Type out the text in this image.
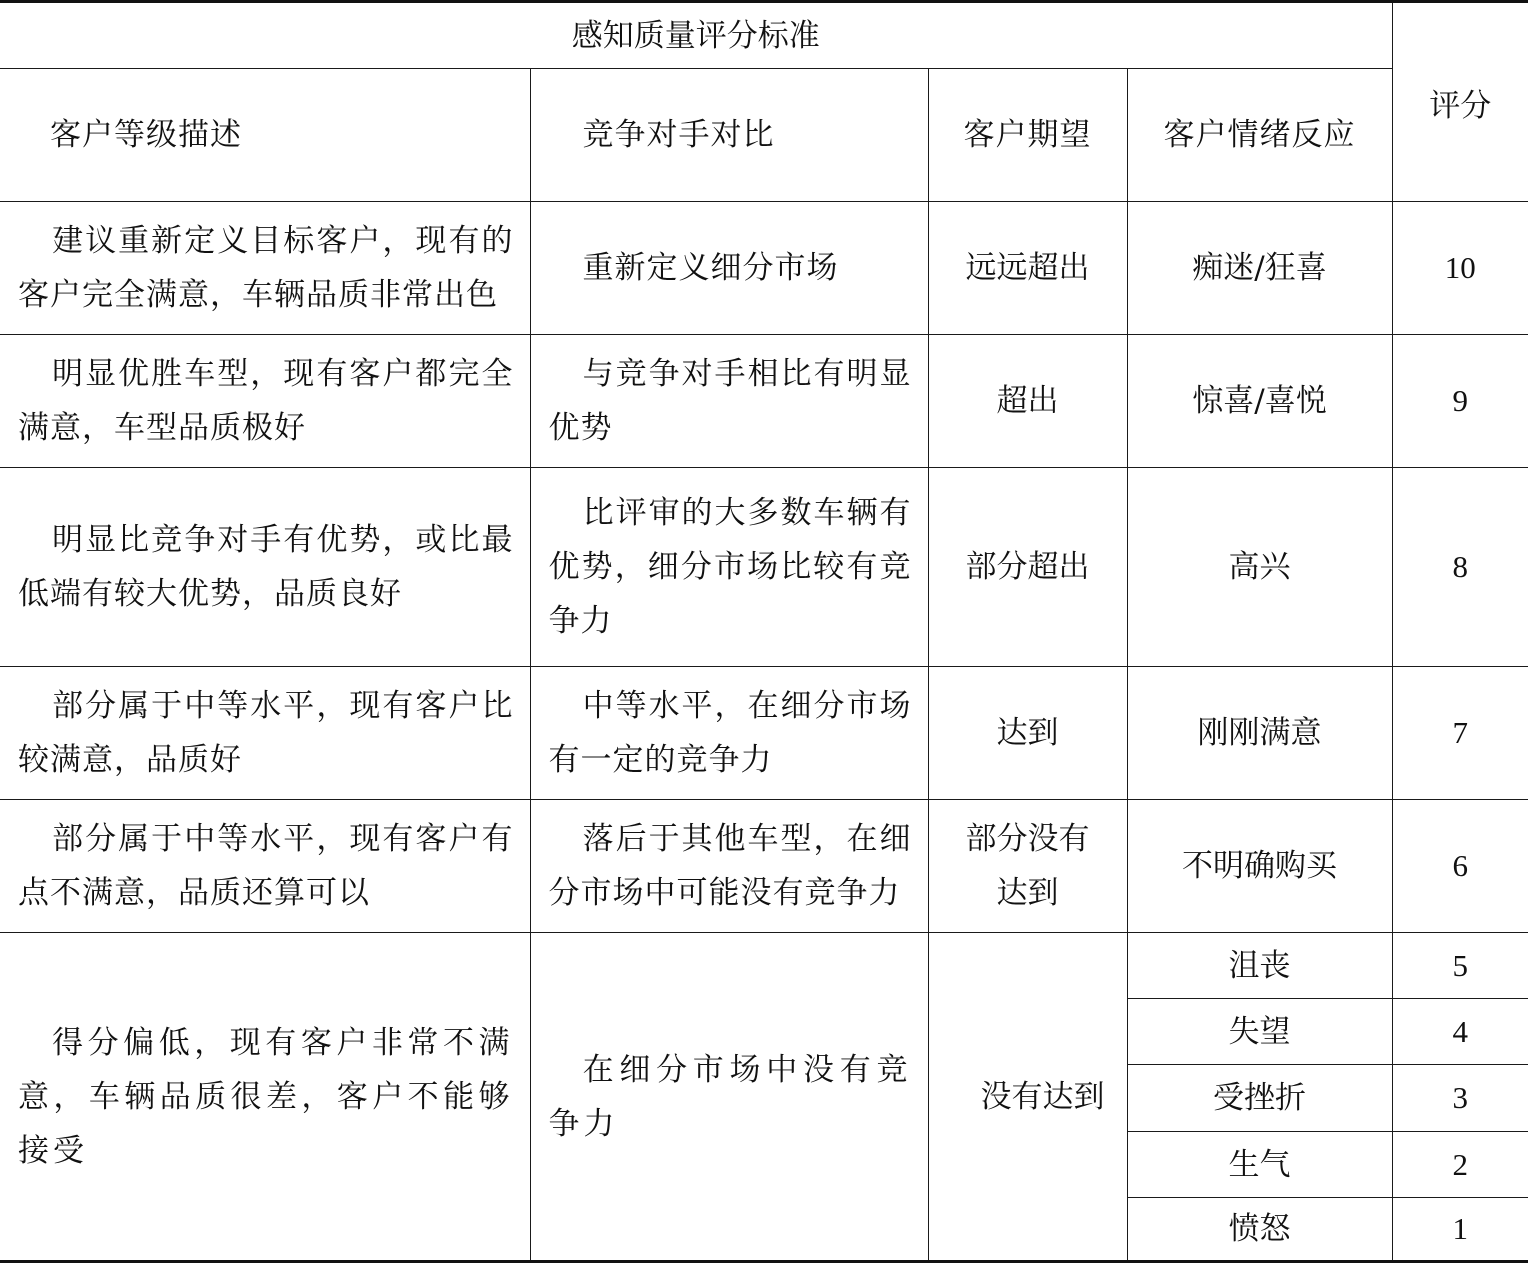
感知质量评分标准				评分
客户等级描述	竞争对手对比	客户期望	客户情绪反应	
建议重新定义目标客户，现有的客户完全满意，车辆品质非常出色	重新定义细分市场	远远超出	痴迷/狂喜	10
明显优胜车型，现有客户都完全满意，车型品质极好	与竞争对手相比有明显优势	超出	惊喜/喜悦	9
明显比竞争对手有优势，或比最低端有较大优势，品质良好	比评审的大多数车辆有优势，细分市场比较有竞争力	部分超出	高兴	8
部分属于中等水平，现有客户比较满意，品质好	中等水平，在细分市场有一定的竞争力	达到	刚刚满意	7
部分属于中等水平，现有客户有点不满意，品质还算可以	落后于其他车型，在细分市场中可能没有竞争力	部分没有达到	不明确购买	6
得分偏低，现有客户非常不满意，车辆品质很差，客户不能够接受	在细分市场中没有竞争力	没有达到	沮丧	5
			失望	4
			受挫折	3
			生气	2
			愤怒	1
